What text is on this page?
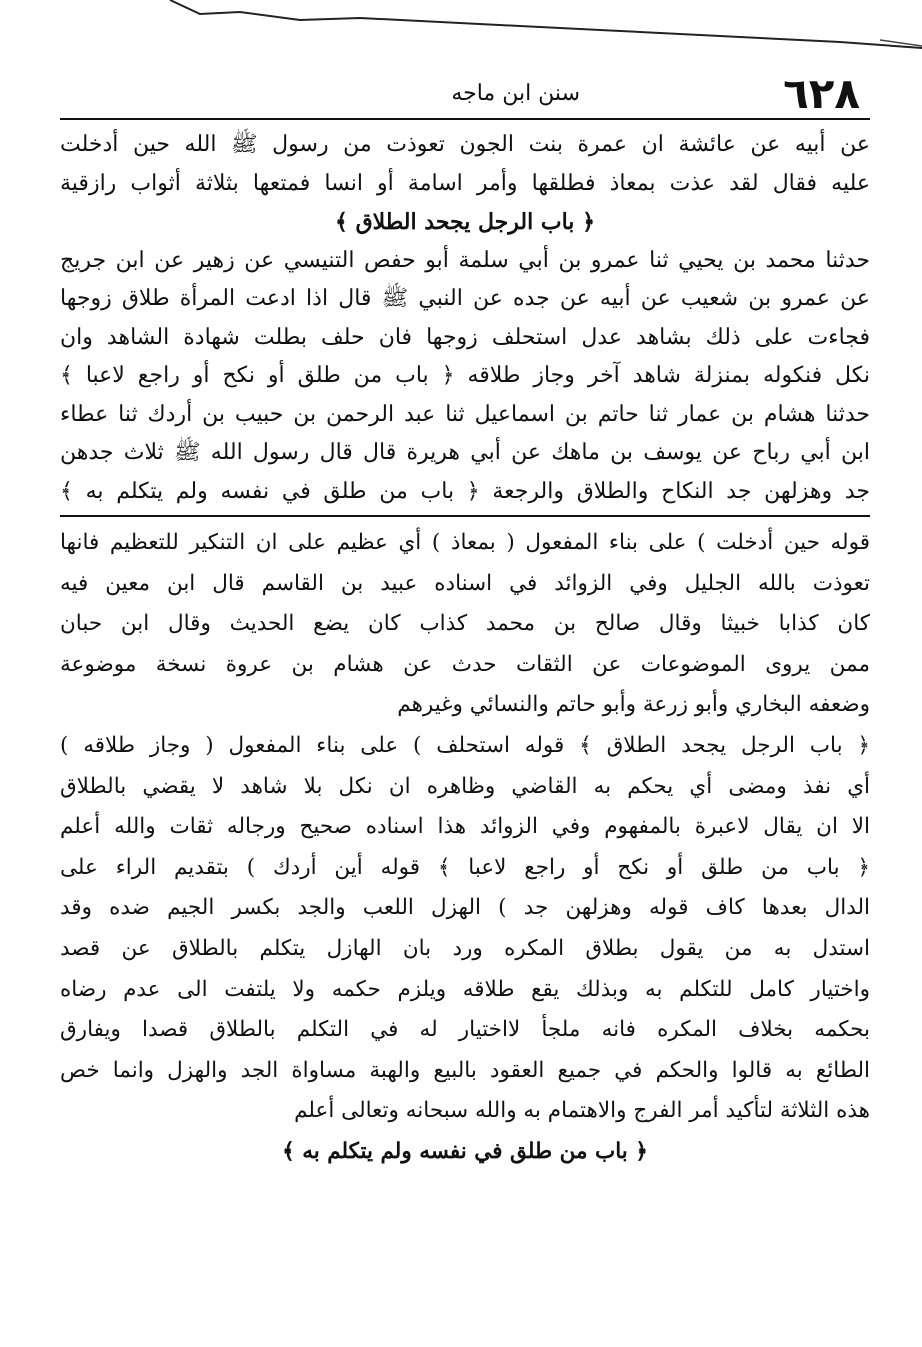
٦٢٨
سنن ابن ماجه
عن أبيه عن عائشة ان عمرة بنت الجون تعوذت من رسول ﷺ الله حين أدخلت
عليه فقال لقد عذت بمعاذ فطلقها وأمر اسامة أو انسا فمتعها بثلاثة أثواب رازقية
﴿ باب الرجل يجحد الطلاق ﴾
حدثنا محمد بن يحيي ثنا عمرو بن أبي سلمة أبو حفص التنيسي عن زهير عن ابن جريج
عن عمرو بن شعيب عن أبيه عن جده عن النبي ﷺ قال اذا ادعت المرأة طلاق زوجها
فجاءت على ذلك بشاهد عدل استحلف زوجها فان حلف بطلت شهادة الشاهد وان
نكل فنكوله بمنزلة شاهد آخر وجاز طلاقه ﴿ باب من طلق أو نكح أو راجع لاعبا ﴾
حدثنا هشام بن عمار ثنا حاتم بن اسماعيل ثنا عبد الرحمن بن حبيب بن أردك ثنا عطاء
ابن أبي رباح عن يوسف بن ماهك عن أبي هريرة قال قال رسول الله ﷺ ثلاث جدهن
جد وهزلهن جد النكاح والطلاق والرجعة ﴿ باب من طلق في نفسه ولم يتكلم به ﴾
قوله حين أدخلت ) على بناء المفعول ( بمعاذ ) أي عظيم على ان التنكير للتعظيم فانها
تعوذت بالله الجليل وفي الزوائد في اسناده عبيد بن القاسم قال ابن معين فيه
كان كذابا خبيثا وقال صالح بن محمد كذاب كان يضع الحديث وقال ابن حبان
ممن يروى الموضوعات عن الثقات حدث عن هشام بن عروة نسخة موضوعة
وضعفه البخاري وأبو زرعة وأبو حاتم والنسائي وغيرهم
﴿ باب الرجل يجحد الطلاق ﴾ قوله استحلف ) على بناء المفعول ( وجاز طلاقه )
أي نفذ ومضى أي يحكم به القاضي وظاهره ان نكل بلا شاهد لا يقضي بالطلاق
الا ان يقال لاعبرة بالمفهوم وفي الزوائد هذا اسناده صحيح ورجاله ثقات والله أعلم
﴿ باب من طلق أو نكح أو راجع لاعبا ﴾ قوله أين أردك ) بتقديم الراء على
الدال بعدها كاف قوله وهزلهن جد ) الهزل اللعب والجد بكسر الجيم ضده وقد
استدل به من يقول بطلاق المكره ورد بان الهازل يتكلم بالطلاق عن قصد
واختيار كامل للتكلم به وبذلك يقع طلاقه ويلزم حكمه ولا يلتفت الى عدم رضاه
بحكمه بخلاف المكره فانه ملجأ لااختيار له في التكلم بالطلاق قصدا ويفارق
الطائع به قالوا والحكم في جميع العقود بالبيع والهبة مساواة الجد والهزل وانما خص
هذه الثلاثة لتأكيد أمر الفرج والاهتمام به والله سبحانه وتعالى أعلم
﴿ باب من طلق في نفسه ولم يتكلم به ﴾
